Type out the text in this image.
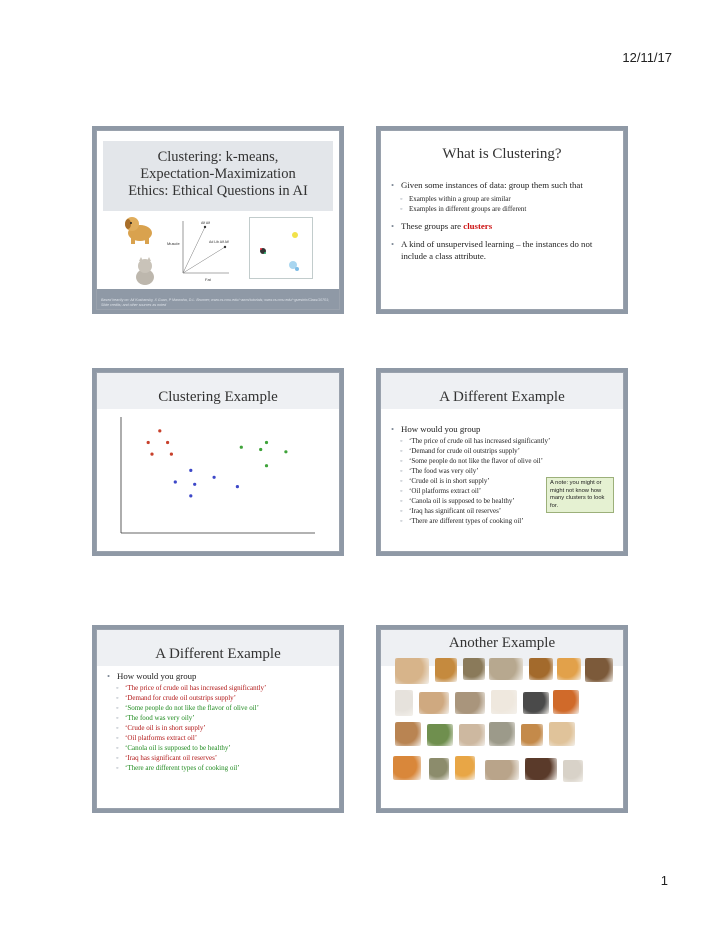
12/11/17
Clustering: k-means,
Expectation-Maximization
Ethics: Ethical Questions in AI
Muscle
Fat
Alf Alf
Ad Lib Alf Alf
Based heavily on: Ali Kushansky, X Guan, P Marwaha, D.L. Brunner; www.cs.cmu.edu/~awm/tutorials; www.cs.cmu.edu/~guestrin/Class/10701; Slide credits; and other sources as noted
What is Clustering?
• Given some instances of data: group them such that
◦ Examples within a group are similar
◦ Examples in different groups are different
• These groups are clusters
• A kind of unsupervised learning – the instances do not include a class attribute.
Clustering Example	A Different Example
• How would you group
◦ ‘The price of crude oil has increased significantly’
◦ ‘Demand for crude oil outstrips supply’
◦ ‘Some people do not like the flavor of olive oil’
◦ ‘The food was very oily’
◦ ‘Crude oil is in short supply’
◦ ‘Oil platforms extract oil’
◦ ‘Canola oil is supposed to be healthy’
◦ ‘Iraq has significant oil reserves’
◦ ‘There are different types of cooking oil’
A note: you might or might not know how many clusters to look for.
A Different Example
• How would you group
◦ ‘The price of crude oil has increased significantly’
◦ ‘Demand for crude oil outstrips supply’
◦ ‘Some people do not like the flavor of olive oil’
◦ ‘The food was very oily’
◦ ‘Crude oil is in short supply’
◦ ‘Oil platforms extract oil’
◦ ‘Canola oil is supposed to be healthy’
◦ ‘Iraq has significant oil reserves’
◦ ‘There are different types of cooking oil’
Another Example
1
